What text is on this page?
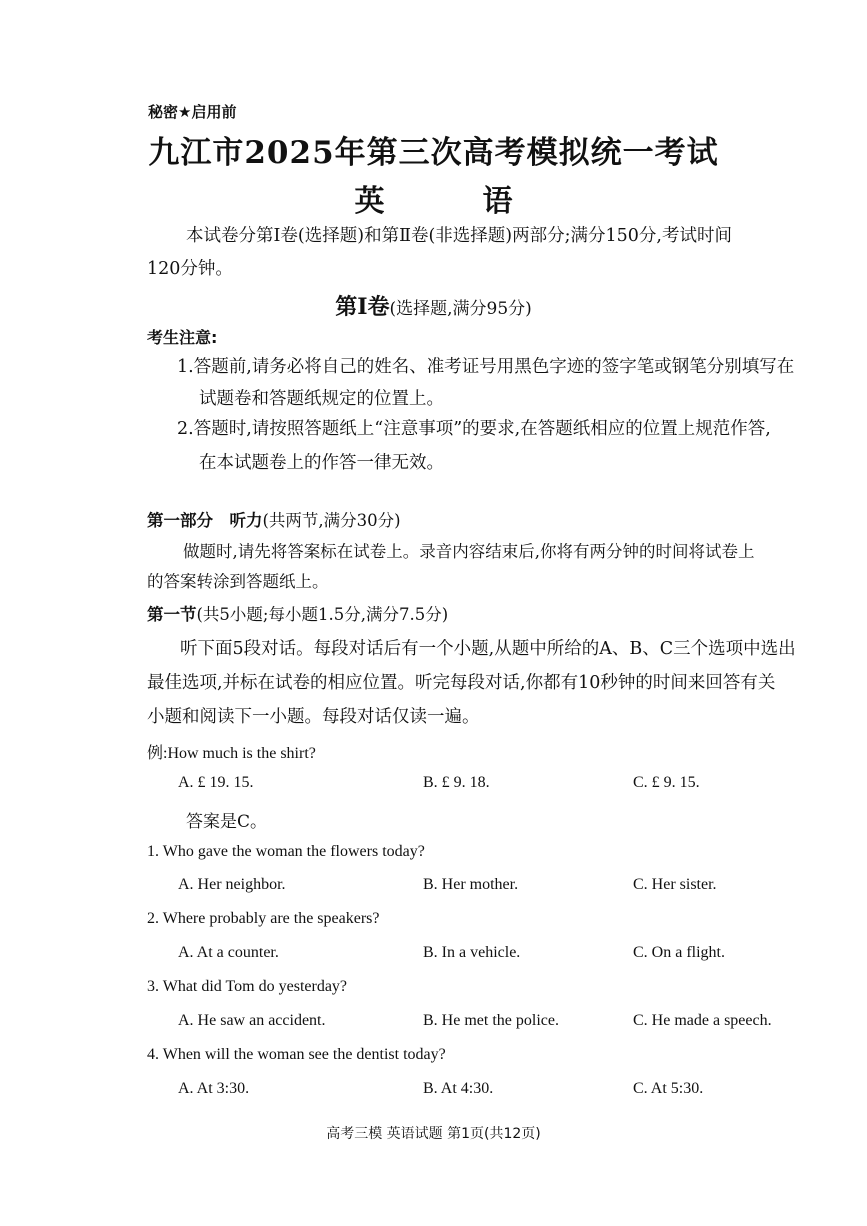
秘密★启用前
九江市2025年第三次高考模拟统一考试
英	语
本试卷分第Ⅰ卷(选择题)和第Ⅱ卷(非选择题)两部分;满分150分,考试时间
120分钟。
第Ⅰ卷(选择题,满分95分)
考生注意:
1.答题前,请务必将自己的姓名、准考证号用黑色字迹的签字笔或钢笔分别填写在
试题卷和答题纸规定的位置上。
2.答题时,请按照答题纸上“注意事项”的要求,在答题纸相应的位置上规范作答,
在本试题卷上的作答一律无效。
第一部分　听力(共两节,满分30分)
做题时,请先将答案标在试卷上。录音内容结束后,你将有两分钟的时间将试卷上
的答案转涂到答题纸上。
第一节(共5小题;每小题1.5分,满分7.5分)
听下面5段对话。每段对话后有一个小题,从题中所给的A、B、C三个选项中选出
最佳选项,并标在试卷的相应位置。听完每段对话,你都有10秒钟的时间来回答有关
小题和阅读下一小题。每段对话仅读一遍。
例:How much is the shirt?
A. £ 19. 15.	B. £ 9. 18.	C. £ 9. 15.
答案是C。
1. Who gave the woman the flowers today?
A. Her neighbor.	B. Her mother.	C. Her sister.
2. Where probably are the speakers?
A. At a counter.	B. In a vehicle.	C. On a flight.
3. What did Tom do yesterday?
A. He saw an accident.	B. He met the police.	C. He made a speech.
4. When will the woman see the dentist today?
A. At 3:30.	B. At 4:30.	C. At 5:30.
高考三模 英语试题 第1页(共12页)
